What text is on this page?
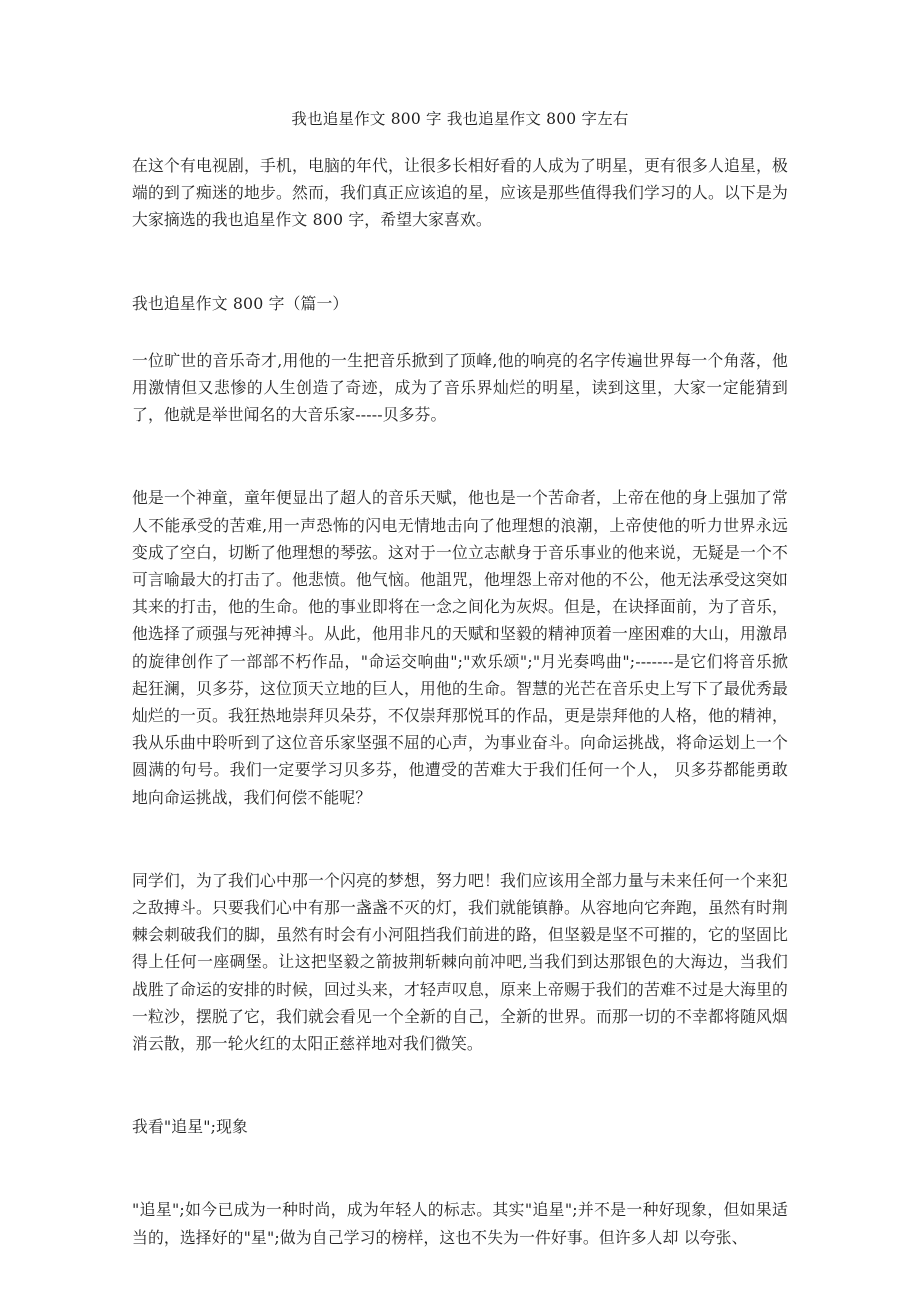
我也追星作文 800 字 我也追星作文 800 字左右

在这个有电视剧，手机，电脑的年代，让很多长相好看的人成为了明星，更有很多人追星，极端的到了痴迷的地步。然而，我们真正应该追的星，应该是那些值得我们学习的人。以下是为大家摘选的我也追星作文 800 字，希望大家喜欢。

我也追星作文 800 字（篇一）

一位旷世的音乐奇才,用他的一生把音乐掀到了顶峰,他的响亮的名字传遍世界每一个角落，他用激情但又悲惨的人生创造了奇迹，成为了音乐界灿烂的明星，读到这里，大家一定能猜到了，他就是举世闻名的大音乐家-----贝多芬。

他是一个神童，童年便显出了超人的音乐天赋，他也是一个苦命者，上帝在他的身上强加了常人不能承受的苦难,用一声恐怖的闪电无情地击向了他理想的浪潮，上帝使他的听力世界永远变成了空白，切断了他理想的琴弦。这对于一位立志献身于音乐事业的他来说，无疑是一个不可言喻最大的打击了。他悲愤。他气恼。他詛咒，他埋怨上帝对他的不公，他无法承受这突如其来的打击，他的生命。他的事业即将在一念之间化为灰烬。但是，在诀择面前，为了音乐，他选择了顽强与死神搏斗。从此，他用非凡的天赋和坚毅的精神顶着一座困难的大山，用激昂的旋律创作了一部部不朽作品，"命运交响曲";"欢乐颂";"月光奏鸣曲";-------是它们将音乐掀起狂澜，贝多芬，这位顶天立地的巨人，用他的生命。智慧的光芒在音乐史上写下了最优秀最灿烂的一页。我狂热地崇拜贝朵芬，不仅崇拜那悦耳的作品，更是崇拜他的人格，他的精神，我从乐曲中聆听到了这位音乐家坚强不屈的心声，为事业奋斗。向命运挑战，将命运划上一个圆满的句号。我们一定要学习贝多芬，他遭受的苦难大于我们任何一个人， 贝多芬都能勇敢地向命运挑战，我们何偿不能呢？

同学们，为了我们心中那一个闪亮的梦想，努力吧！我们应该用全部力量与未来任何一个来犯之敌搏斗。只要我们心中有那一盏盏不灭的灯，我们就能镇静。从容地向它奔跑，虽然有时荆棘会刺破我们的脚，虽然有时会有小河阻挡我们前进的路，但坚毅是坚不可摧的，它的坚固比得上任何一座碉堡。让这把坚毅之箭披荆斩棘向前冲吧,当我们到达那银色的大海边，当我们战胜了命运的安排的时候，回过头来，才轻声叹息，原来上帝赐于我们的苦难不过是大海里的一粒沙，摆脱了它，我们就会看见一个全新的自己，全新的世界。而那一切的不幸都将随风烟消云散，那一轮火红的太阳正慈祥地对我们微笑。

我看"追星";现象

"追星";如今已成为一种时尚，成为年轻人的标志。其实"追星";并不是一种好现象，但如果适当的，选择好的"星";做为自己学习的榜样，这也不失为一件好事。但许多人却 以夸张、
